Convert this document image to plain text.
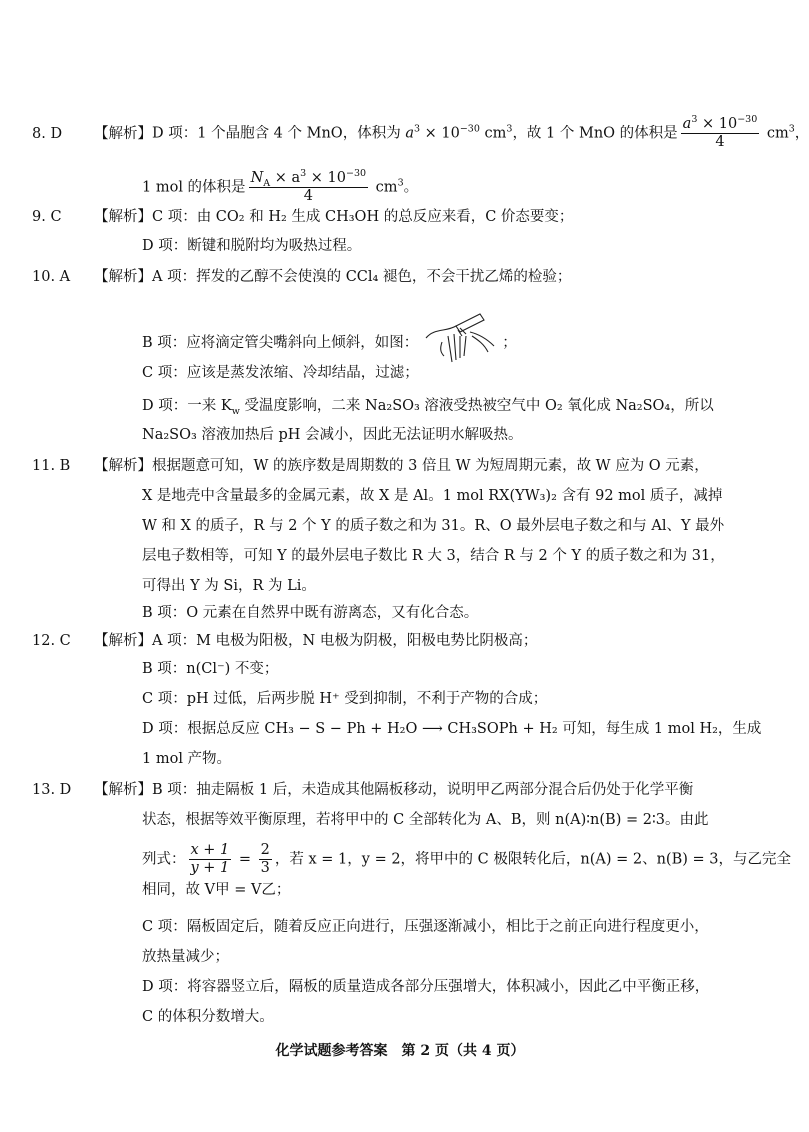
8. D 【解析】D 项：1 个晶胞含 4 个 MnO，体积为 $a^3 \times 10^{-30}$ $cm^3$，故 1 个 MnO 的体积是 $\frac{a^3 \times 10^{-30}}{4} cm^3$，
1 mol 的体积是 $\frac{N_A \times a^3 \times 10^{-30}}{4} cm^3$。
9. C 【解析】C 项：由 CO₂ 和 H₂ 生成 CH₃OH 的总反应来看，C 价态要变；
D 项：断键和脱附均为吸热过程。
10. A 【解析】A 项：挥发的乙醇不会使溴的 CCl₄ 褪色，不会干扰乙烯的检验；
B 项：应将滴定管尖嘴斜向上倾斜，如图：	；
C 项：应该是蒸发浓缩、冷却结晶，过滤；
D 项：一来 $K_w$ 受温度影响，二来 Na₂SO₃ 溶液受热被空气中 O₂ 氧化成 Na₂SO₄，所以
Na₂SO₃ 溶液加热后 pH 会减小，因此无法证明水解吸热。
11. B 【解析】根据题意可知，W 的族序数是周期数的 3 倍且 W 为短周期元素，故 W 应为 O 元素，
X 是地壳中含量最多的金属元素，故 X 是 Al。1 mol RX(YW₃)₂ 含有 92 mol 质子，减掉
W 和 X 的质子，R 与 2 个 Y 的质子数之和为 31。R、O 最外层电子数之和与 Al、Y 最外
层电子数相等，可知 Y 的最外层电子数比 R 大 3，结合 R 与 2 个 Y 的质子数之和为 31，
可得出 Y 为 Si，R 为 Li。
B 项：O 元素在自然界中既有游离态，又有化合态。
12. C 【解析】A 项：M 电极为阳极，N 电极为阴极，阳极电势比阴极高；
B 项：n(Cl⁻) 不变；
C 项：pH 过低，后两步脱 H⁺ 受到抑制，不利于产物的合成；
D 项：根据总反应 CH₃ − S − Ph + H₂O ⟶ CH₃SOPh + H₂ 可知，每生成 1 mol H₂，生成
1 mol 产物。
13. D 【解析】B 项：抽走隔板 1 后，未造成其他隔板移动，说明甲乙两部分混合后仍处于化学平衡
状态，根据等效平衡原理，若将甲中的 C 全部转化为 A、B，则 n(A)∶n(B) = 2∶3。由此
列式： $\frac{x + 1}{y + 1} = \frac{2}{3}$ ，若 x = 1，y = 2，将甲中的 C 极限转化后，n(A) = 2、n(B) = 3，与乙完全
相同，故 V甲 = V乙；
C 项：隔板固定后，随着反应正向进行，压强逐渐减小，相比于之前正向进行程度更小，
放热量减少；
D 项：将容器竖立后，隔板的质量造成各部分压强增大，体积减小，因此乙中平衡正移，
C 的体积分数增大。
化学试题参考答案　第 2 页（共 4 页）
